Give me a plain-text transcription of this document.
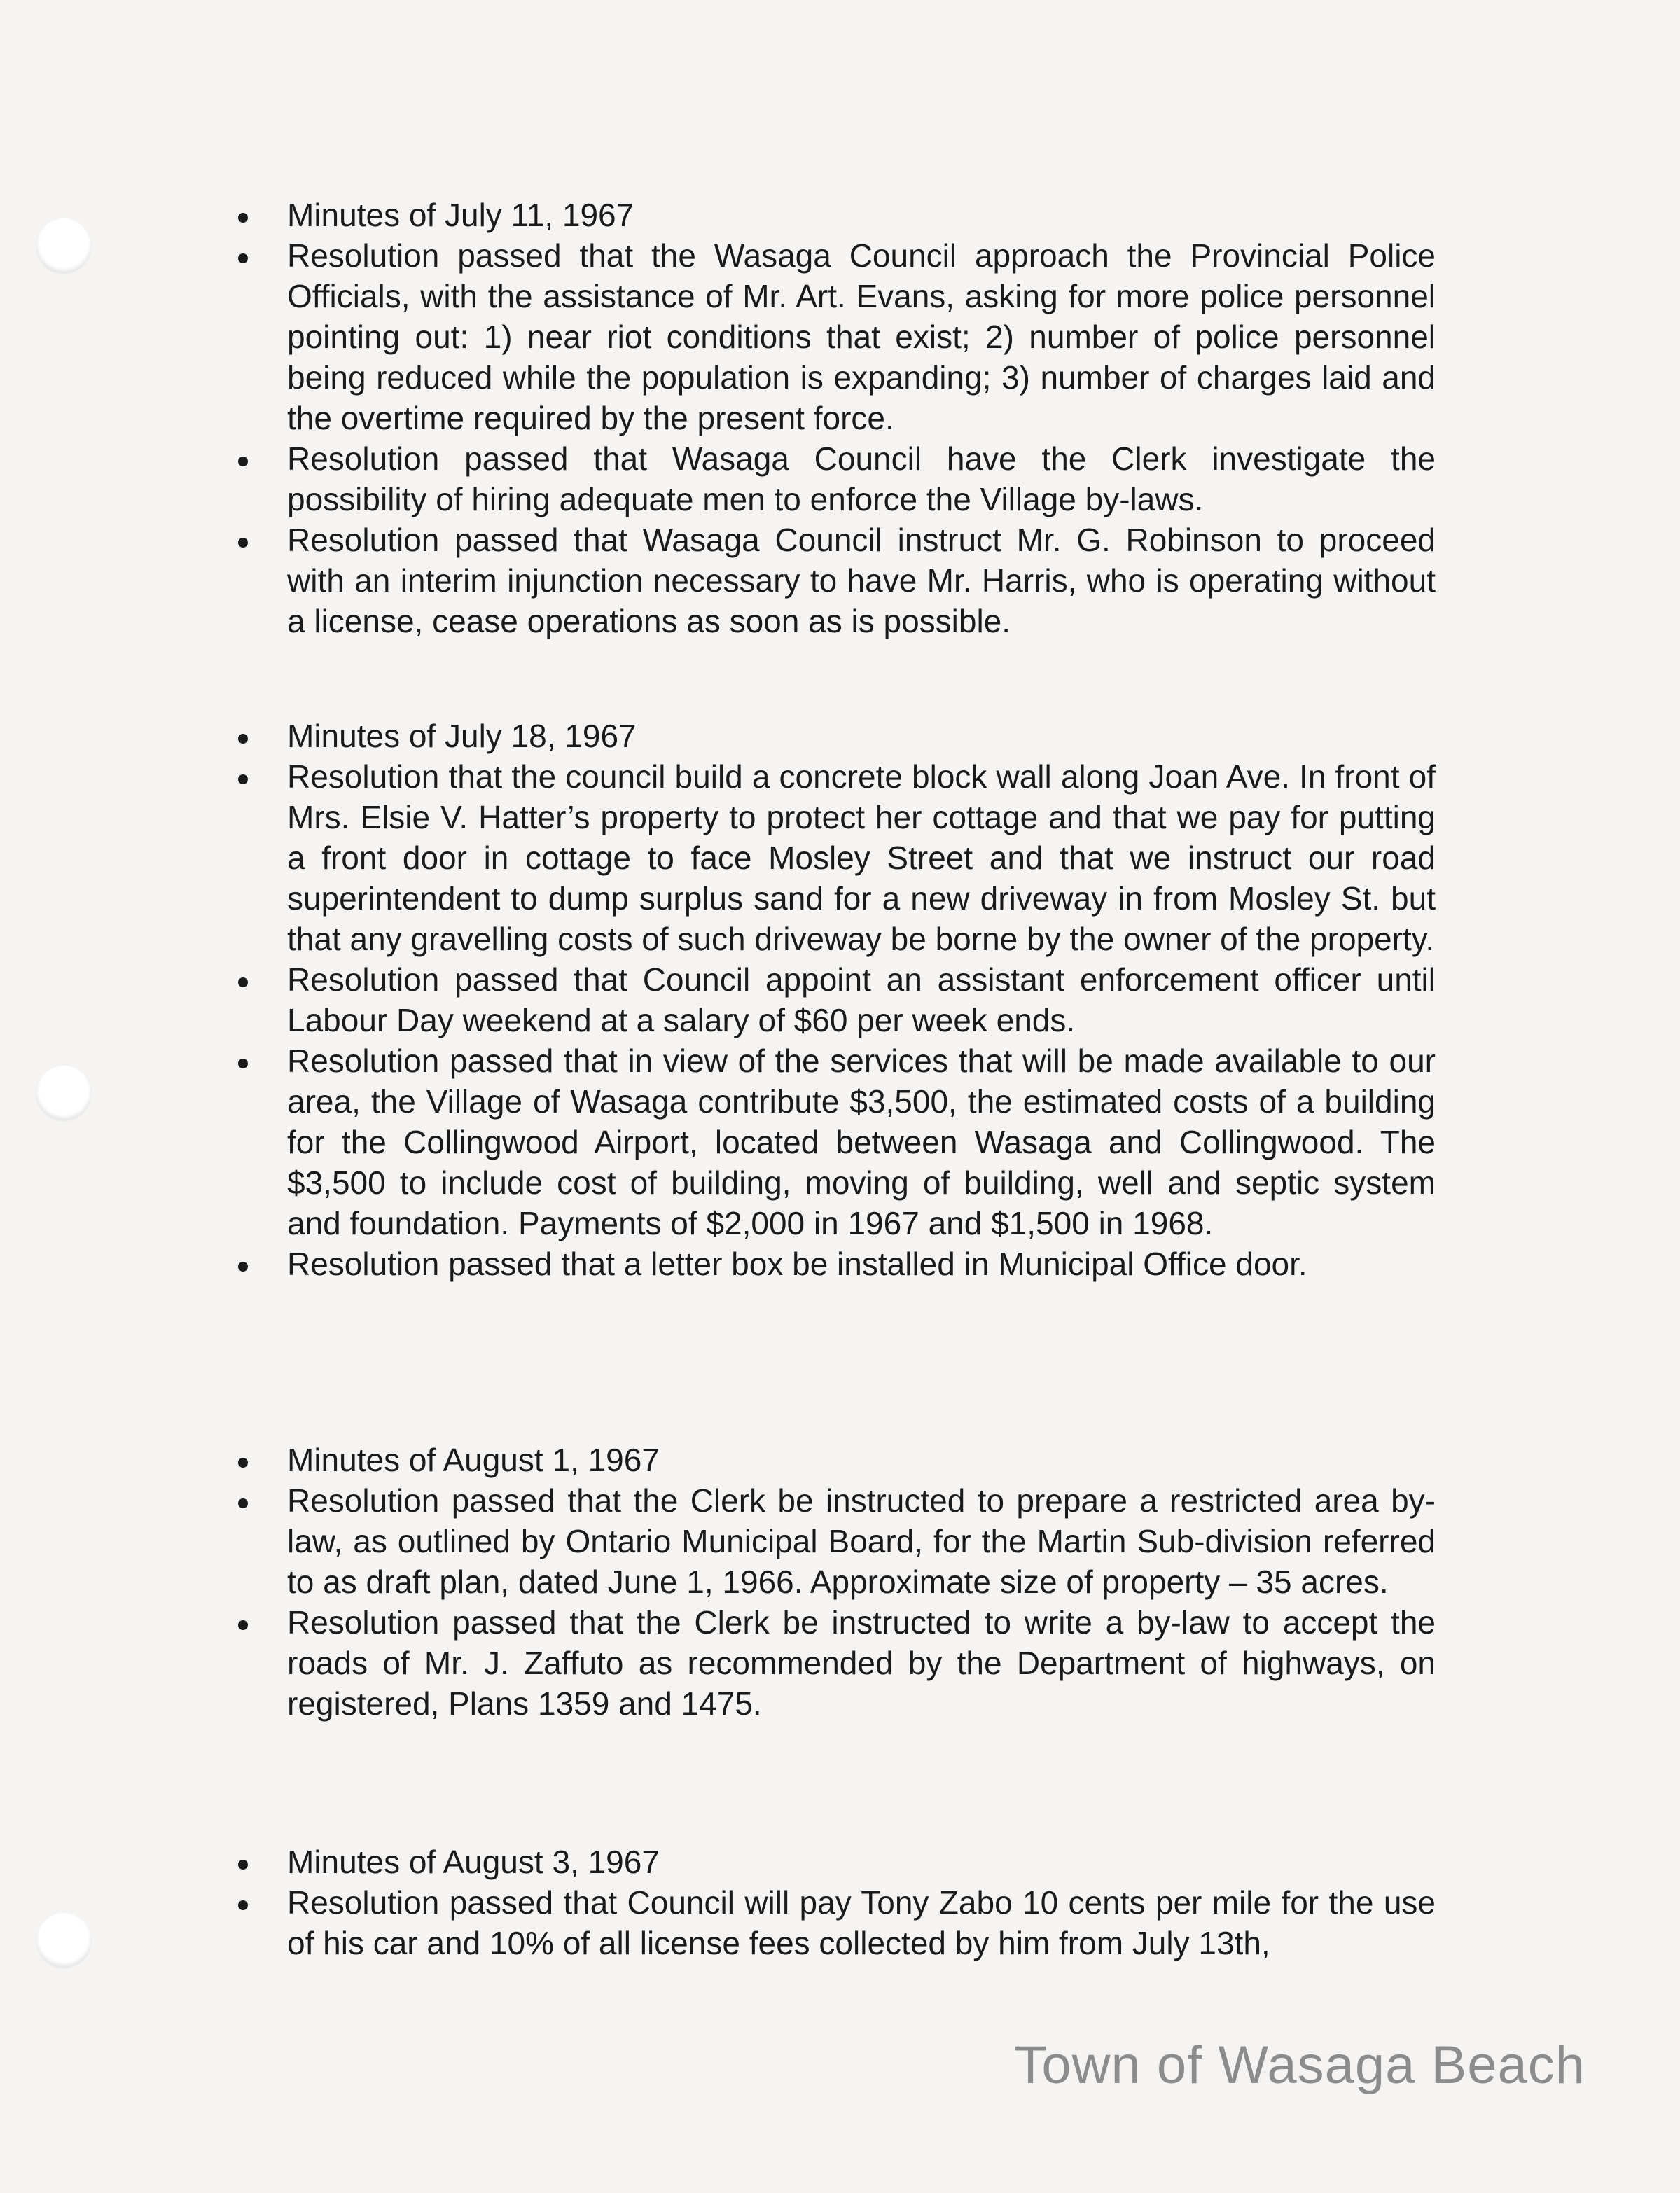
Minutes of July 11, 1967
Resolution passed that the Wasaga Council approach the Provincial Police Officials, with the assistance of Mr. Art. Evans, asking for more police personnel pointing out: 1) near riot conditions that exist; 2) number of police personnel being reduced while the population is expanding; 3) number of charges laid and the overtime required by the present force.
Resolution passed that Wasaga Council have the Clerk investigate the possibility of hiring adequate men to enforce the Village by-laws.
Resolution passed that Wasaga Council instruct Mr. G. Robinson to proceed with an interim injunction necessary to have Mr. Harris, who is operating without a license, cease operations as soon as is possible.
Minutes of July 18, 1967
Resolution that the council build a concrete block wall along Joan Ave. In front of Mrs. Elsie V. Hatter’s property to protect her cottage and that we pay for putting a front door in cottage to face Mosley Street and that we instruct our road superintendent to dump surplus sand for a new driveway in from Mosley St. but that any gravelling costs of such driveway be borne by the owner of the property.
Resolution passed that Council appoint an assistant enforcement officer until Labour Day weekend at a salary of $60 per week ends.
Resolution passed that in view of the services that will be made available to our area, the Village of Wasaga contribute $3,500, the estimated costs of a building for the Collingwood Airport, located between Wasaga and Collingwood. The $3,500 to include cost of building, moving of building, well and septic system and foundation. Payments of $2,000 in 1967 and $1,500 in 1968.
Resolution passed that a letter box be installed in Municipal Office door.
Minutes of August 1, 1967
Resolution passed that the Clerk be instructed to prepare a restricted area by-law, as outlined by Ontario Municipal Board, for the Martin Sub-division referred to as draft plan, dated June 1, 1966. Approximate size of property – 35 acres.
Resolution passed that the Clerk be instructed to write a by-law to accept the roads of Mr. J. Zaffuto as recommended by the Department of highways, on registered, Plans 1359 and 1475.
Minutes of August 3, 1967
Resolution passed that Council will pay Tony Zabo 10 cents per mile for the use of his car and 10% of all license fees collected by him from July 13th,
Town of Wasaga Beach
